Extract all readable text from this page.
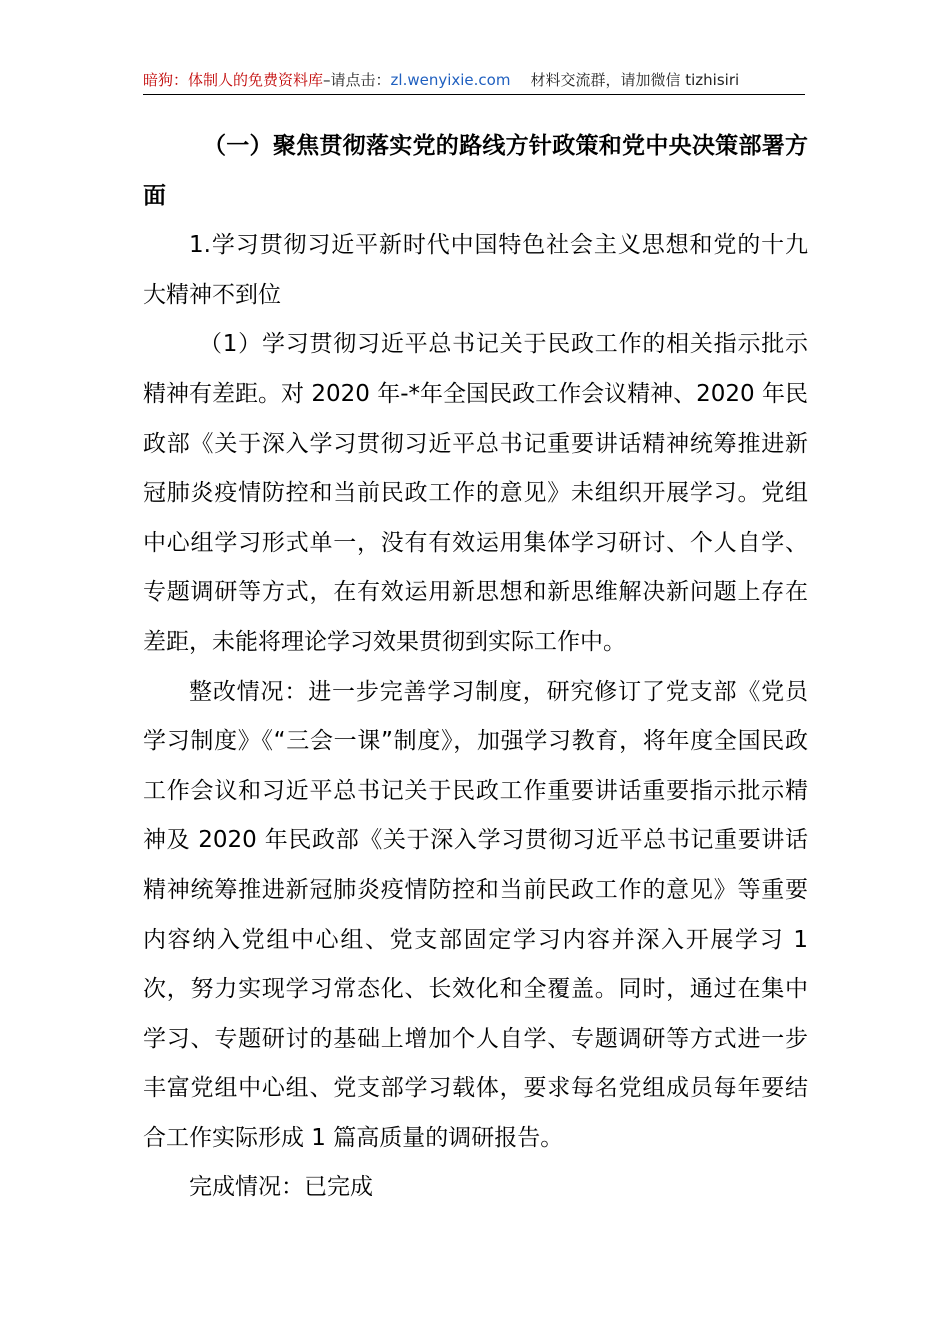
暗狗：体制人的免费资料库–请点击：zl.wenyixie.com 材料交流群，请加微信 tizhisiri

（一）聚焦贯彻落实党的路线方针政策和党中央决策部署方面

1.学习贯彻习近平新时代中国特色社会主义思想和党的十九大精神不到位

（1）学习贯彻习近平总书记关于民政工作的相关指示批示精神有差距。对 2020 年-*年全国民政工作会议精神、2020 年民政部《关于深入学习贯彻习近平总书记重要讲话精神统筹推进新冠肺炎疫情防控和当前民政工作的意见》未组织开展学习。党组中心组学习形式单一，没有有效运用集体学习研讨、个人自学、专题调研等方式，在有效运用新思想和新思维解决新问题上存在差距，未能将理论学习效果贯彻到实际工作中。

整改情况：进一步完善学习制度，研究修订了党支部《党员学习制度》《“三会一课”制度》，加强学习教育，将年度全国民政工作会议和习近平总书记关于民政工作重要讲话重要指示批示精神及 2020 年民政部《关于深入学习贯彻习近平总书记重要讲话精神统筹推进新冠肺炎疫情防控和当前民政工作的意见》等重要内容纳入党组中心组、党支部固定学习内容并深入开展学习 1 次，努力实现学习常态化、长效化和全覆盖。同时，通过在集中学习、专题研讨的基础上增加个人自学、专题调研等方式进一步丰富党组中心组、党支部学习载体，要求每名党组成员每年要结合工作实际形成 1 篇高质量的调研报告。

完成情况：已完成
